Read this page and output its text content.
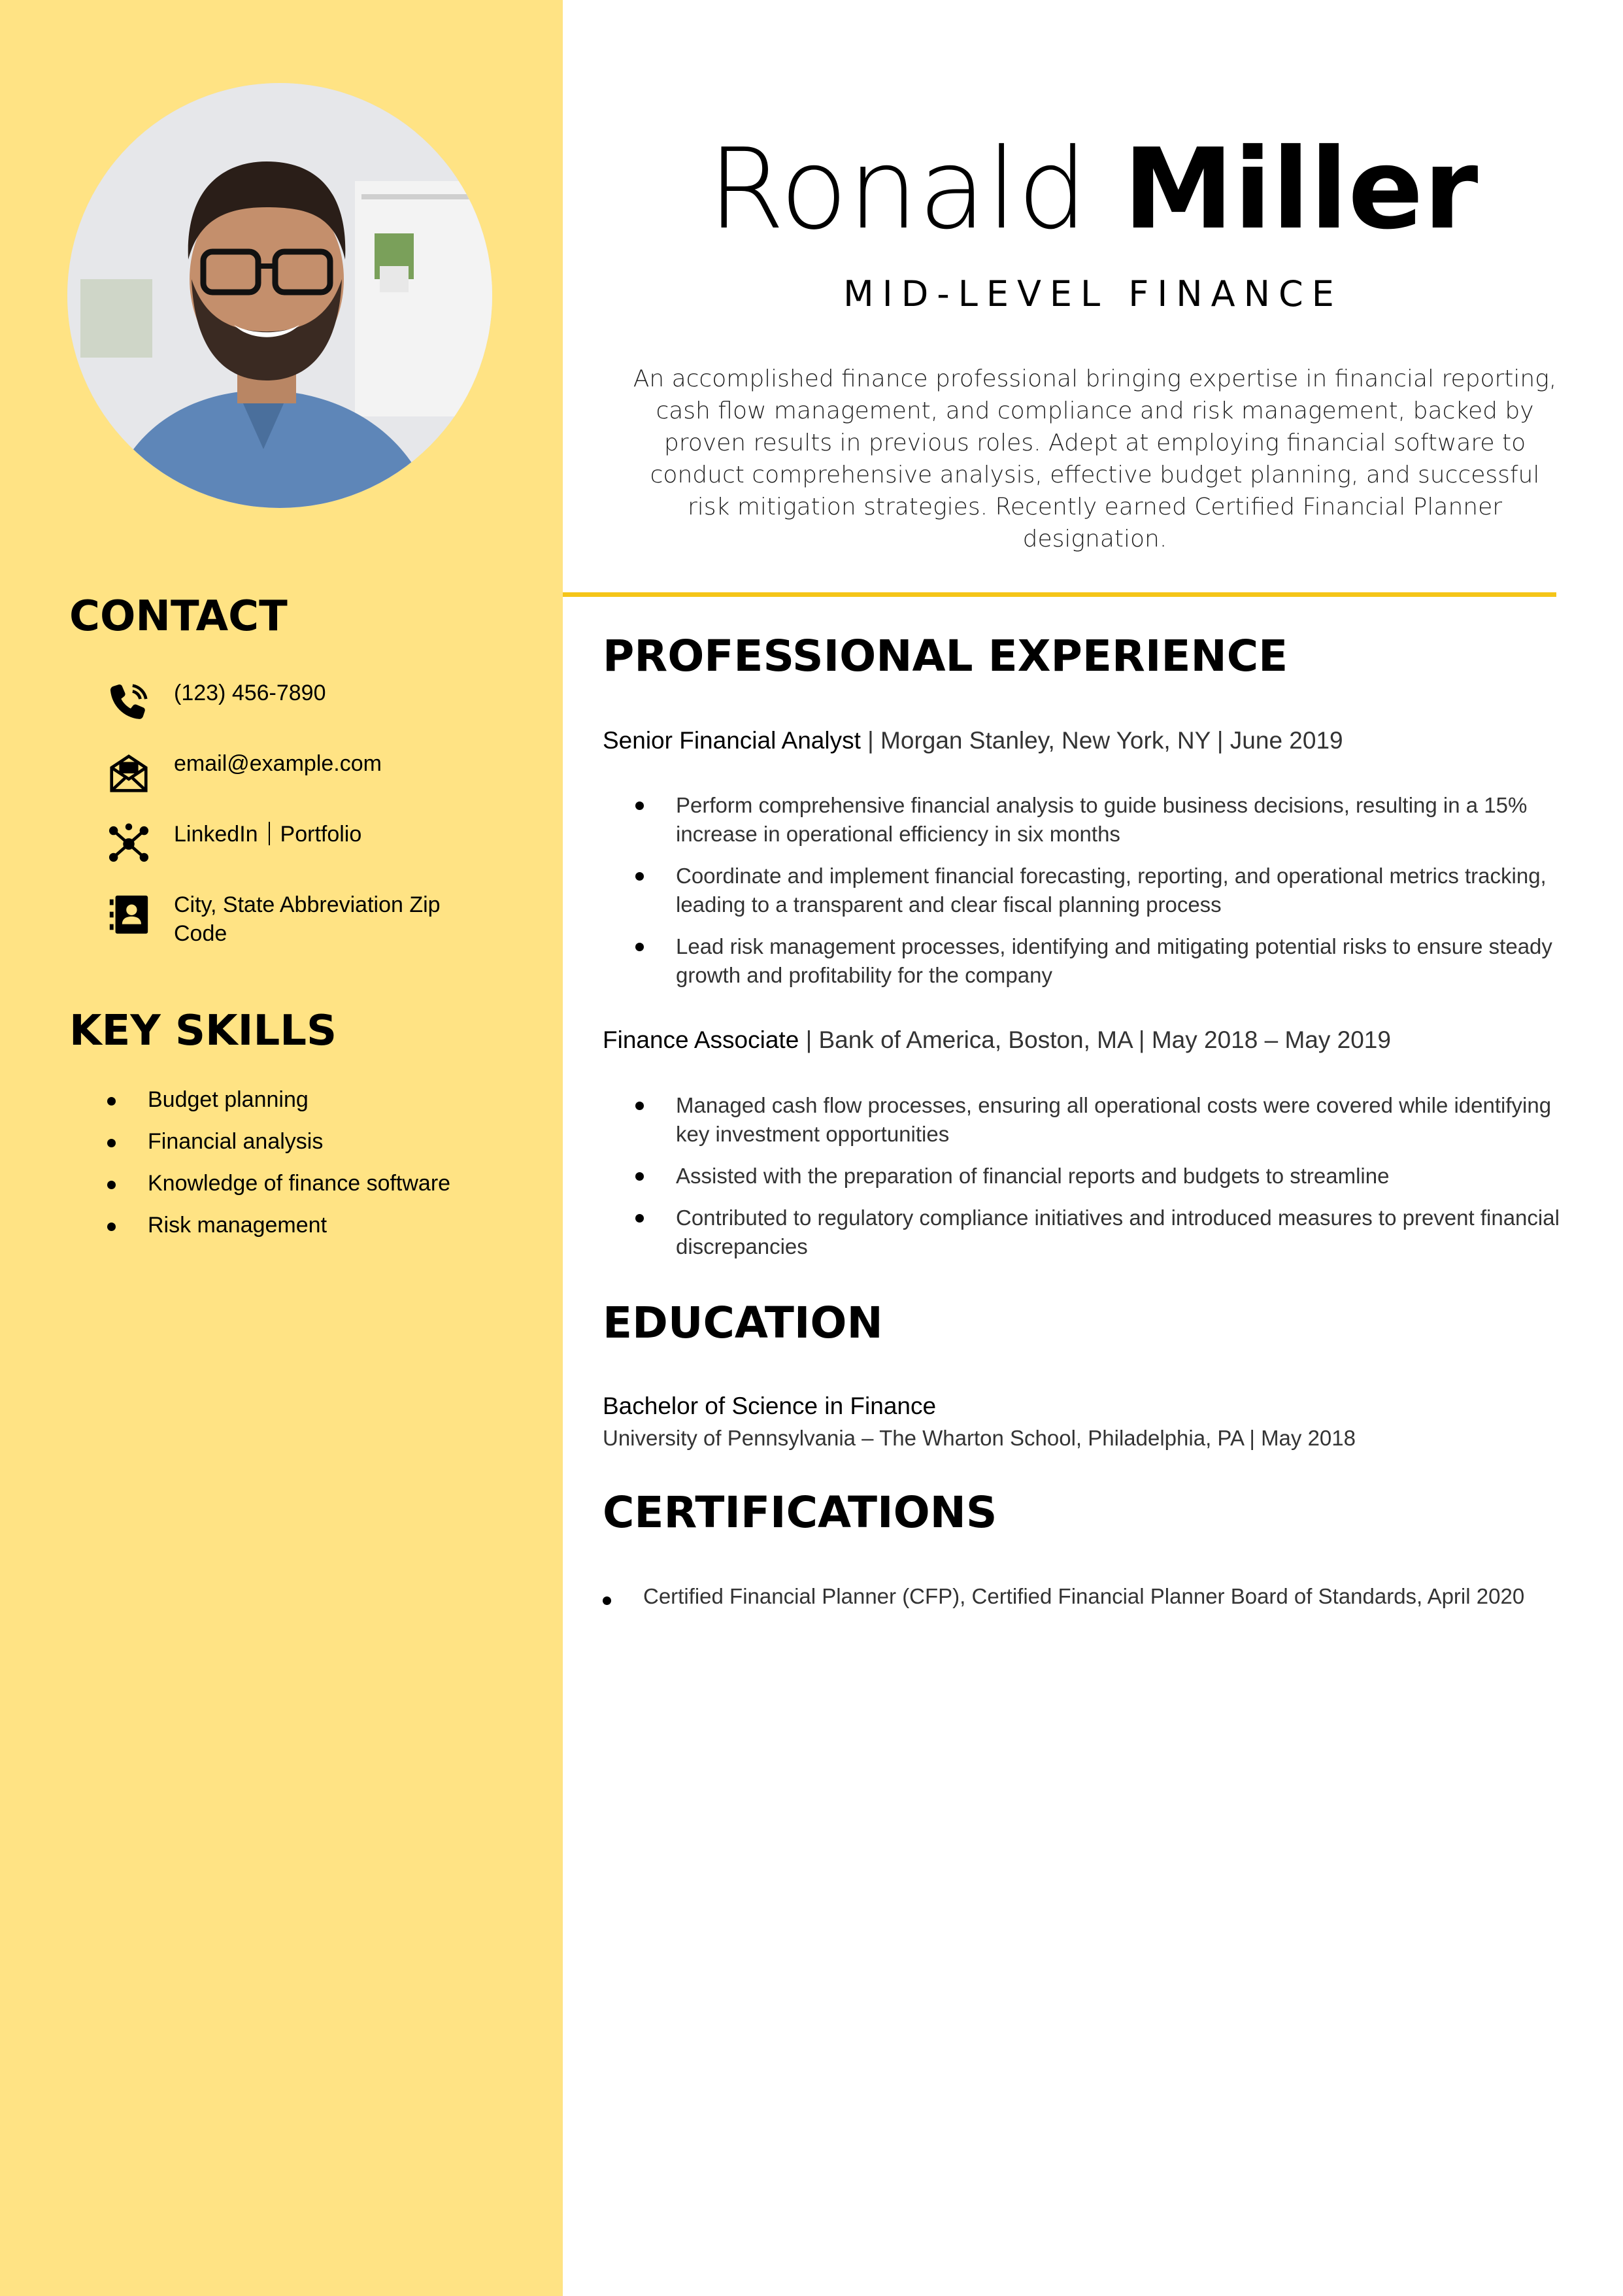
CONTACT
(123) 456-7890
email@example.com
LinkedIn Portfolio
City, State Abbreviation Zip Code
KEY SKILLS
Budget planning
Financial analysis
Knowledge of finance software
Risk management
Ronald Miller
MID-LEVEL FINANCE
An accomplished finance professional bringing expertise in financial reporting, cash flow management, and compliance and risk management, backed by proven results in previous roles. Adept at employing financial software to conduct comprehensive analysis, effective budget planning, and successful risk mitigation strategies. Recently earned Certified Financial Planner designation.
PROFESSIONAL EXPERIENCE
Senior Financial Analyst | Morgan Stanley, New York, NY | June 2019
Perform comprehensive financial analysis to guide business decisions, resulting in a 15% increase in operational efficiency in six months
Coordinate and implement financial forecasting, reporting, and operational metrics tracking, leading to a transparent and clear fiscal planning process
Lead risk management processes, identifying and mitigating potential risks to ensure steady growth and profitability for the company
Finance Associate | Bank of America, Boston, MA | May 2018 – May 2019
Managed cash flow processes, ensuring all operational costs were covered while identifying key investment opportunities
Assisted with the preparation of financial reports and budgets to streamline
Contributed to regulatory compliance initiatives and introduced measures to prevent financial discrepancies
EDUCATION
Bachelor of Science in Finance
University of Pennsylvania – The Wharton School, Philadelphia, PA | May 2018
CERTIFICATIONS
Certified Financial Planner (CFP), Certified Financial Planner Board of Standards, April 2020
